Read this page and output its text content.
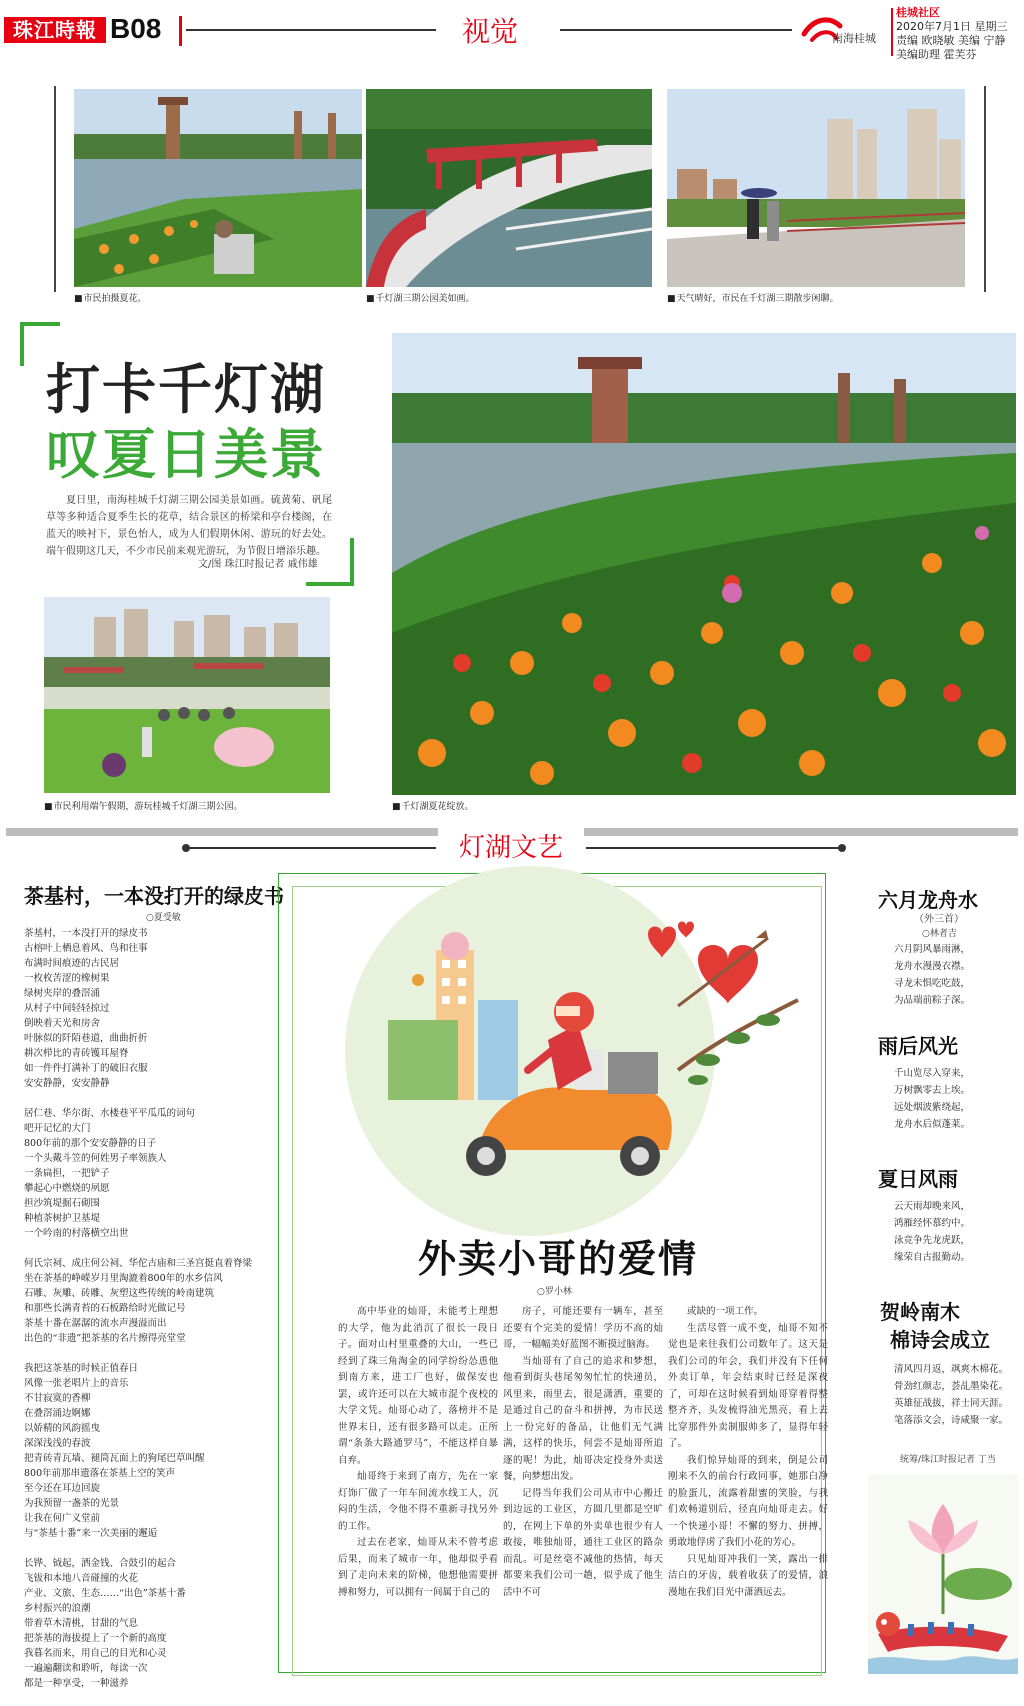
珠江時報 B08	视觉	南海桂城
桂城社区
2020年7月1日 星期三
责编 欧晓敏 美编 宁静
美编助理 霍芙芬
■ 市民拍摄夏花。	■ 千灯湖三期公园美如画。	■ 天气晴好，市民在千灯湖三期散步闲聊。
打卡千灯湖
叹夏日美景
夏日里，南海桂城千灯湖三期公园美景如画。硫黄菊、矾尾草等多种适合夏季生长的花草，结合景区的桥梁和亭台楼阁，在蓝天的映衬下，景色怡人，成为人们假期休闲、游玩的好去处。端午假期这几天，不少市民前来观光游玩，为节假日增添乐趣。
文/图 珠江时报记者 戚伟雄
■ 市民利用端午假期，游玩桂城千灯湖三期公园。	■ 千灯湖夏花绽放。
灯湖文艺
茶基村，一本没打开的绿皮书
○夏受敏
茶基村，一本没打开的绿皮书
古榕叶上栖息着风、鸟和往事
布满时间痕迹的古民居
一枚枚苦涩的橡树果
绿树夹岸的叠滘涌
从村子中间轻轻掠过
倒映着天光和房舍
叶脉似的阡陌巷道，曲曲折折
耕次栉比的青砖镬耳屋脊
如一件件打满补丁的破旧衣服
安安静静，安安静静
居仁巷、华尔街、水楼巷平平瓜瓜的词句
吧开记忆的大门
800年前的那个安安静静的日子
一个头戴斗笠的何姓男子率领族人
一条扁担，一把铲子
攀起心中燃烧的夙愿
担沙筑堤掘石砌围
种植茶树护卫基堤
一个吟南的村落横空出世
何氏宗祠、成庄何公祠、华佗古庙和三圣宫挺直着脊梁
坐在茶基的峥嵘岁月里淘漉着800年的水乡信风
石雕、灰雕、砖雕、灰塑这些传统的岭南建筑
和那些长满青苔的石板路给时光做记号
茶基十番在潺潺的流水声漫溢而出
出色的“非遗”把茶基的名片擦得亮堂堂
我把这茶基的时候正值春日
风像一张老唱片上的音乐
不甘寂寞的香柳
在叠滘涌边婀娜
以娇精的风韵摇曳
深深浅浅的春波
把青砖青瓦墙、褪筒瓦面上的狗尾巴草叫醒
800年前那串遗落在茶基上空的笑声
至今还在耳边回旋
为我预留一盏茶的光景
让我在何广义堂前
与“茶基十番”来一次美丽的邂逅
长铧、钺起，洒金钱、合鼓引的起合
飞钹和本地八音碰撞的火花
产业、文旅、生态……“出色”茶基十番
乡村振兴的浪潮
带着草木清桃，甘甜的气息
把茶基的海拔提上了一个新的高度
我暮名而来，用自己的目光和心灵
一遍遍翻读和聆听，每读一次
都是一种享受，一种滋养
外卖小哥的爱情
○罗小林

高中毕业的灿哥，未能考上理想的大学，他为此消沉了很长一段日子。面对山村里重叠的大山，一些已经到了珠三角淘金的同学纷纷怂恿他到南方来，进工厂也好，做保安也罢，或许还可以在大城市混个夜校的大学文凭。灿哥心动了，落榜并不是世界末日，还有很多路可以走。正所谓“条条大路通罗马”，不能这样自暴自弃。

灿哥终于来到了南方，先在一家灯饰厂做了一年车间流水线工人，沉闷的生活，令他不得不重新寻找另外的工作。

过去在老家，灿哥从未不曾考虑后果，而来了城市一年，他却似乎看到了走向未来的阶梯，他想他需要拼搏和努力，可以拥有一间属于自己的

房子，可能还要有一辆车，甚至还要有个完美的爱情！学历不高的灿哥，一幅幅美好蓝图不断摸过脑海。

当灿哥有了自己的追求和梦想，他看到街头巷尾匆匆忙忙的快递员，风里来，雨里去，很是潇洒，重要的是通过自己的奋斗和拼搏，为市民送上一份完好的备品，让他们无气满满，这样的快乐，何尝不是灿哥所追逐的呢！为此，灿哥决定投身外卖送餐，向梦想出发。

记得当年我们公司从市中心搬迁到边远的工业区，方圆几里都是空旷的，在网上下单的外卖单也很少有人敢接，唯独灿哥，通往工业区的路杂而乱。可是丝毫不减他的热情，每天都要来我们公司一趟，似乎成了他生活中不可

或缺的一项工作。

生活尽管一成不变，灿哥不知不觉也是来往我们公司数年了。这天是我们公司的年会，我们并没有下任何外卖订单，年会结束时已经是深夜了，可却在这时候看到灿哥穿着得整整齐齐，头发梳得油光黑亮，看上去比穿那件外卖制服帅多了，显得年轻了。

我们惊异灿哥的到来，倒是公司刚来不久的前台行政同事，她那白净的脸蛋儿，流露着甜蜜的笑脸，与我们欢畅道别后，径直向灿哥走去。好一个快递小哥！不懈的努力、拼搏，勇敢地俘虏了我们小花的芳心。

只见灿哥冲我们一笑，露出一排洁白的牙齿，载着收获了的爱情，浪漫地在我们目光中潇洒远去。

六月龙舟水
（外三首）
○林者吉
六月阴风暴雨淋，
龙舟水漫漫衣襟。
寻龙未惧吃吃鼓，
为品端前粽子深。
雨后风光
千山览尽入穿来，
万树飘零去上埃。
远处烟波紫绕起，
龙舟水后似蓬莱。
夏日风雨
云天雨却晚来风，
鸿雁经怀慕约中。
泳竞争先龙虎跃，
缘荣自古报勤动。
贺岭南木
棉诗会成立
清风四月返，飒爽木棉花。
骨劲红颜志，荟乩墨染花。
英雄征战拔，祥士同天涯。
笔落添文会，诗咸聚一家。
统筹/珠江时报记者 丁当
